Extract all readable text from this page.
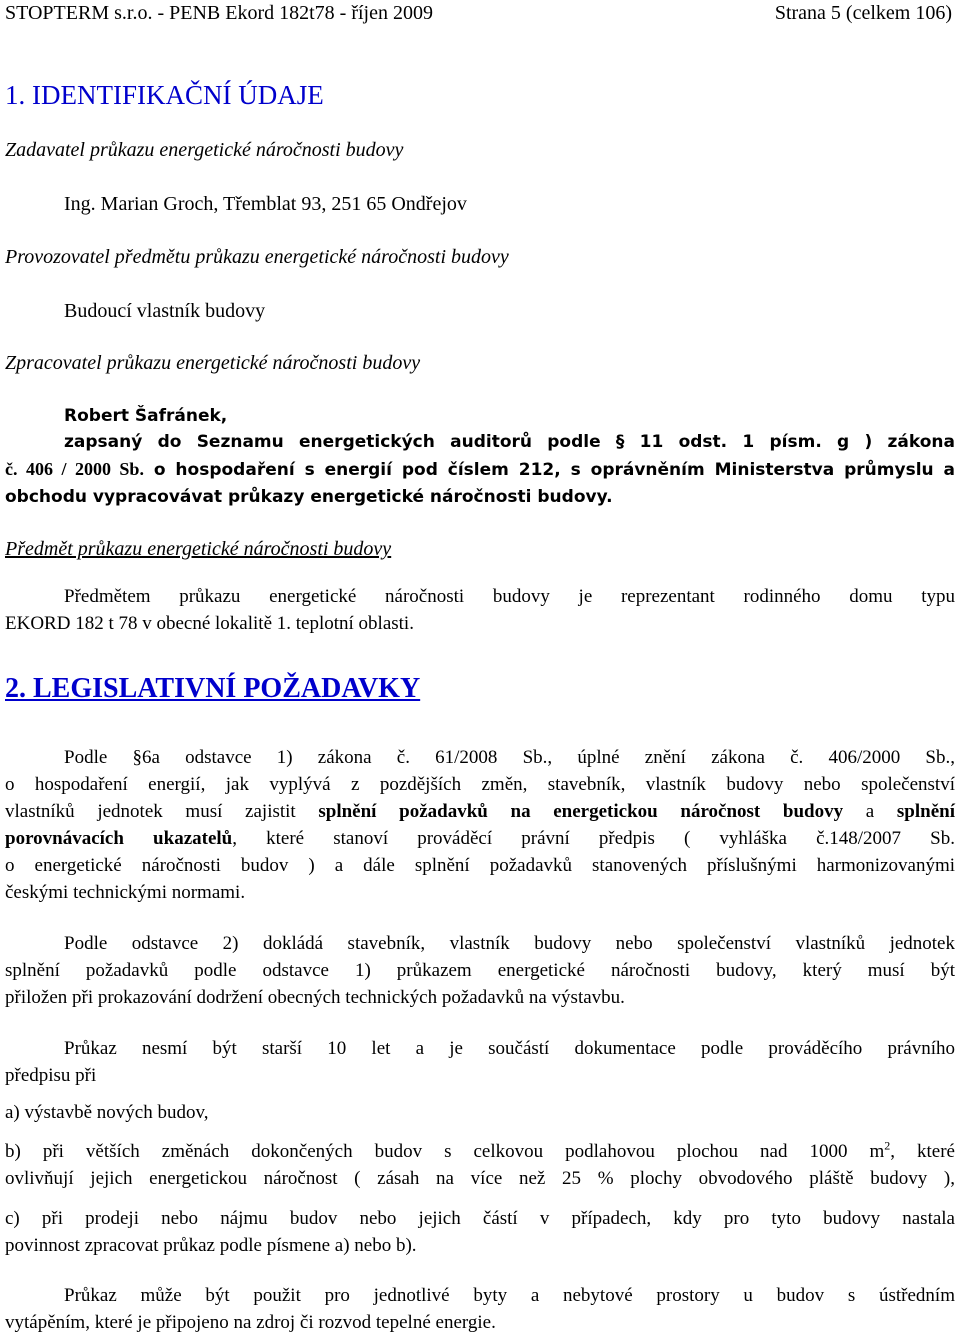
STOPTERM s.r.o. - PENB Ekord 182t78 - říjen 2009	Strana 5 (celkem 106)
1. IDENTIFIKAČNÍ ÚDAJE
Zadavatel průkazu energetické náročnosti budovy
Ing. Marian Groch, Třemblat 93, 251 65 Ondřejov
Provozovatel předmětu průkazu energetické náročnosti budovy
Budoucí vlastník budovy
Zpracovatel průkazu energetické náročnosti budovy
Robert Šafránek,
zapsaný do Seznamu energetických auditorů podle § 11 odst. 1 písm. g ) zákona
č. 406 / 2000 Sb. o hospodaření s energií pod číslem 212, s oprávněním Ministerstva průmyslu a
obchodu vypracovávat průkazy energetické náročnosti budovy.
Předmět průkazu energetické náročnosti budovy
Předmětem průkazu energetické náročnosti budovy je reprezentant rodinného domu typu
EKORD 182 t 78 v obecné lokalitě 1. teplotní oblasti.
2. LEGISLATIVNÍ POŽADAVKY
Podle §6a odstavce 1) zákona č. 61/2008 Sb., úplné znění zákona č. 406/2000 Sb.,
o hospodaření energií, jak vyplývá z pozdějších změn, stavebník, vlastník budovy nebo společenství
vlastníků jednotek musí zajistit splnění požadavků na energetickou náročnost budovy a splnění
porovnávacích ukazatelů, které stanoví prováděcí právní předpis ( vyhláška č.148/2007 Sb.
o energetické náročnosti budov ) a dále splnění požadavků stanovených příslušnými harmonizovanými
českými technickými normami.
Podle odstavce 2) dokládá stavebník, vlastník budovy nebo společenství vlastníků jednotek
splnění požadavků podle odstavce 1) průkazem energetické náročnosti budovy, který musí být
přiložen při prokazování dodržení obecných technických požadavků na výstavbu.
Průkaz nesmí být starší 10 let a je součástí dokumentace podle prováděcího právního
předpisu při
a) výstavbě nových budov,
b) při větších změnách dokončených budov s celkovou podlahovou plochou nad 1000 $m^2$, které
ovlivňují jejich energetickou náročnost ( zásah na více než 25 % plochy obvodového pláště budovy ),
c) při prodeji nebo nájmu budov nebo jejich částí v případech, kdy pro tyto budovy nastala
povinnost zpracovat průkaz podle písmene a) nebo b).
Průkaz může být použit pro jednotlivé byty a nebytové prostory u budov s ústředním
vytápěním, které je připojeno na zdroj či rozvod tepelné energie.
